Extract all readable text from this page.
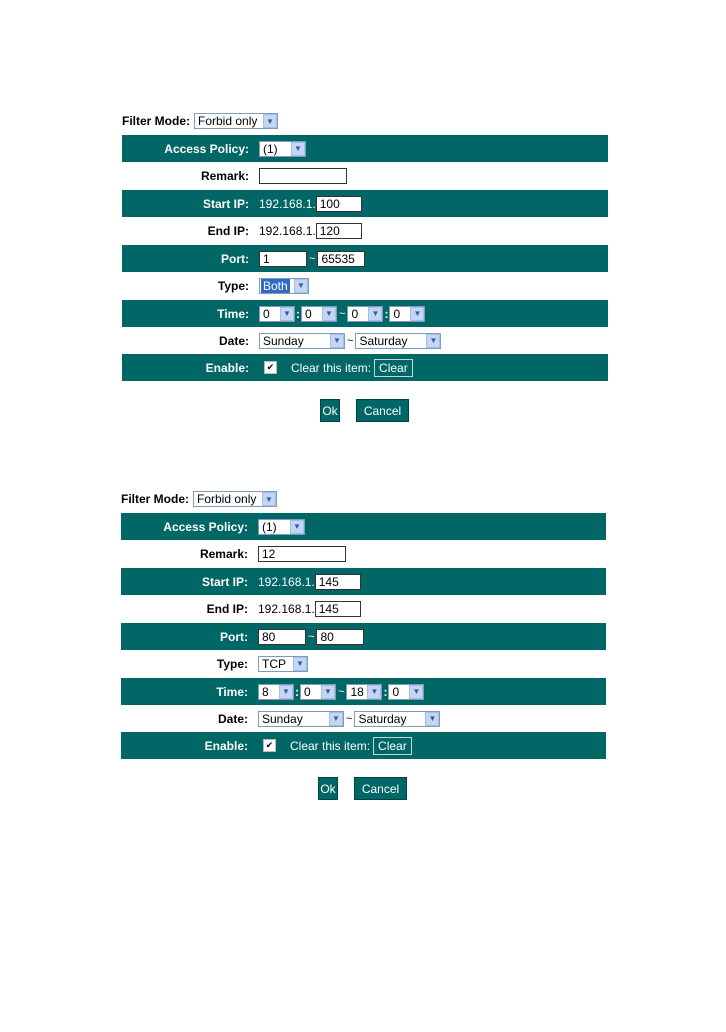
Filter Mode: Forbid only	▼
Access Policy:	(1)	▼
Remark:
Start IP: 192.168.1. 100
End IP: 192.168.1. 120
Port:	1	~ 65535
Type:	Both	▼
Time:	0	▼ : 0	▼ ~ 0	▼ : 0	▼
Date:	Sunday	▼ ~ Saturday	▼
Enable:	✔ Clear this item: Clear
Ok	Cancel
Filter Mode: Forbid only	▼
Access Policy:	(1)	▼
Remark:	12
Start IP: 192.168.1. 145
End IP: 192.168.1. 145
Port:	80	~ 80
Type:	TCP	▼
Time:	8	▼ : 0	▼ ~ 18 ▼ : 0	▼
Date:	Sunday	▼ ~ Saturday	▼
Enable:	✔ Clear this item: Clear
Ok	Cancel
